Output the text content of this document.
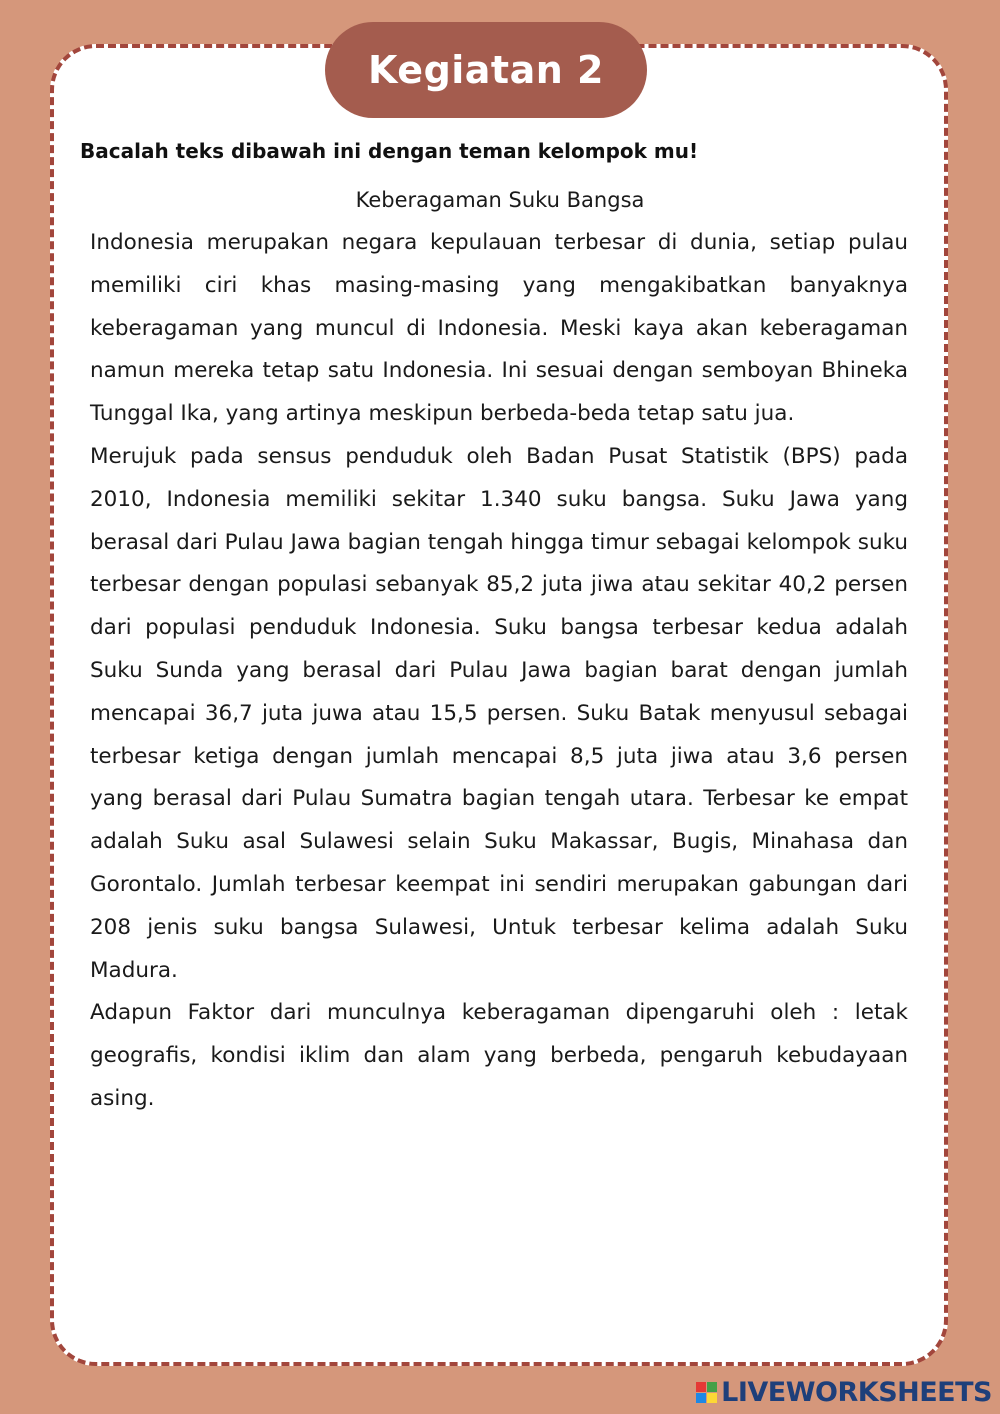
Kegiatan 2
Bacalah teks dibawah ini dengan teman kelompok mu!
Keberagaman Suku Bangsa

Indonesia merupakan negara kepulauan terbesar di dunia, setiap pulau memiliki ciri khas masing-masing yang mengakibatkan banyaknya keberagaman yang muncul di Indonesia. Meski kaya akan keberagaman namun mereka tetap satu Indonesia. Ini sesuai dengan semboyan Bhineka Tunggal Ika, yang artinya meskipun berbeda-beda tetap satu jua.

Merujuk pada sensus penduduk oleh Badan Pusat Statistik (BPS) pada 2010, Indonesia memiliki sekitar 1.340 suku bangsa. Suku Jawa yang berasal dari Pulau Jawa bagian tengah hingga timur sebagai kelompok suku terbesar dengan populasi sebanyak 85,2 juta jiwa atau sekitar 40,2 persen dari populasi penduduk Indonesia. Suku bangsa terbesar kedua adalah Suku Sunda yang berasal dari Pulau Jawa bagian barat dengan jumlah mencapai 36,7 juta juwa atau 15,5 persen. Suku Batak menyusul sebagai terbesar ketiga dengan jumlah mencapai 8,5 juta jiwa atau 3,6 persen yang berasal dari Pulau Sumatra bagian tengah utara. Terbesar ke empat adalah Suku asal Sulawesi selain Suku Makassar, Bugis, Minahasa dan Gorontalo. Jumlah terbesar keempat ini sendiri merupakan gabungan dari 208 jenis suku bangsa Sulawesi, Untuk terbesar kelima adalah Suku Madura.

Adapun Faktor dari munculnya keberagaman dipengaruhi oleh : letak geografis, kondisi iklim dan alam yang berbeda, pengaruh kebudayaan asing.

LIVEWORKSHEETS
